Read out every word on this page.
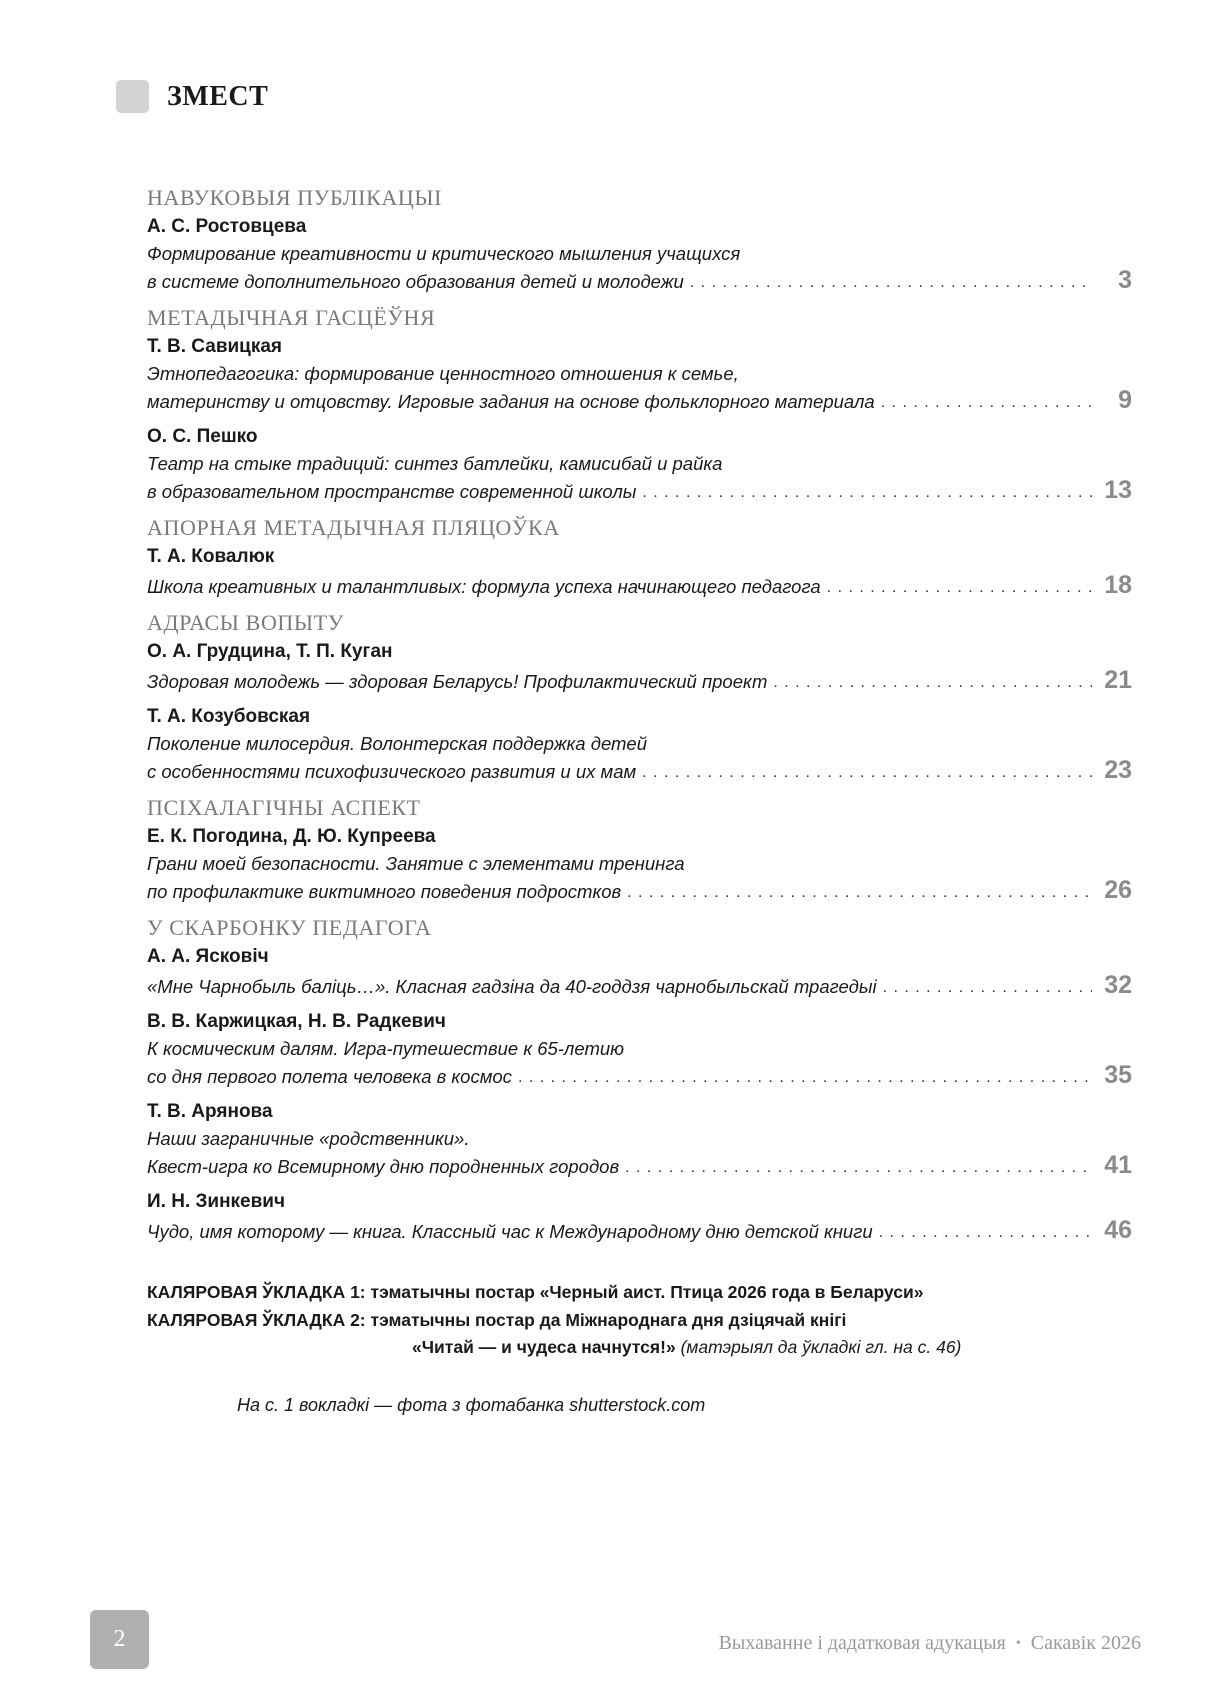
ЗМЕСТ
НАВУКОВЫЯ ПУБЛІКАЦЫІ
А. С. Ростовцева
Формирование креативности и критического мышления учащихся
в системе дополнительного образования детей и молодежи . . .	3
МЕТАДЫЧНАЯ ГАСЦЁЎНЯ
Т. В. Савицкая
Этнопедагогика: формирование ценностного отношения к семье,
материнству и отцовству. Игровые задания на основе фольклорного материала . . .	9
О. С. Пешко
Театр на стыке традиций: синтез батлейки, камисибай и райка
в образовательном пространстве современной школы . . .	13
АПОРНАЯ МЕТАДЫЧНАЯ ПЛЯЦОЎКА
Т. А. Ковалюк
Школа креативных и талантливых: формула успеха начинающего педагога . . .	18
АДРАСЫ ВОПЫТУ
О. А. Грудцина, Т. П. Куган
Здоровая молодежь — здоровая Беларусь! Профилактический проект . . .	21
Т. А. Козубовская
Поколение милосердия. Волонтерская поддержка детей
с особенностями психофизического развития и их мам . . .	23
ПСІХАЛАГІЧНЫ АСПЕКТ
Е. К. Погодина, Д. Ю. Купреева
Грани моей безопасности. Занятие с элементами тренинга
по профилактике виктимного поведения подростков . . .	26
У СКАРБОНКУ ПЕДАГОГА
А. А. Ясковіч
«Мне Чарнобыль баліць…». Класная гадзіна да 40-годдзя чарнобыльскай трагедыі . . .	32
В. В. Каржицкая, Н. В. Радкевич
К космическим далям. Игра-путешествие к 65-летию
со дня первого полета человека в космос . . .	35
Т. В. Арянова
Наши заграничные «родственники».
Квест-игра ко Всемирному дню породненных городов . . .	41
И. Н. Зинкевич
Чудо, имя которому — книга. Классный час к Международному дню детской книги . . .	46
КАЛЯРОВАЯ ЎКЛАДКА 1: тэматычны постар «Черный аист. Птица 2026 года в Беларуси»
КАЛЯРОВАЯ ЎКЛАДКА 2: тэматычны постар да Міжнароднага дня дзіцячай кнігі
«Читай — и чудеса начнутся!» (матэрыял да ўкладкі гл. на с. 46)
На с. 1 вокладкі — фота з фотабанка shutterstock.com
2	Выхаванне і дадатковая адукацыя • Сакавік 2026
